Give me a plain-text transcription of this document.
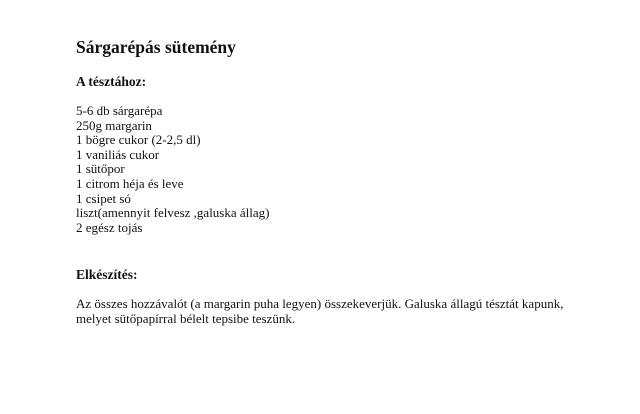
Sárgarépás sütemény
A tésztához:
5-6 db sárgarépa
250g margarin
1 bögre cukor (2-2,5 dl)
1 vaniliás cukor
1 sütőpor
1 citrom héja és leve
1 csipet só
liszt(amennyit felvesz ,galuska állag)
2 egész tojás
Elkészítés:

Az összes hozzávalót (a margarin puha legyen) összekeverjük. Galuska állagú tésztát kapunk, melyet sütőpapírral bélelt tepsibe teszünk.
